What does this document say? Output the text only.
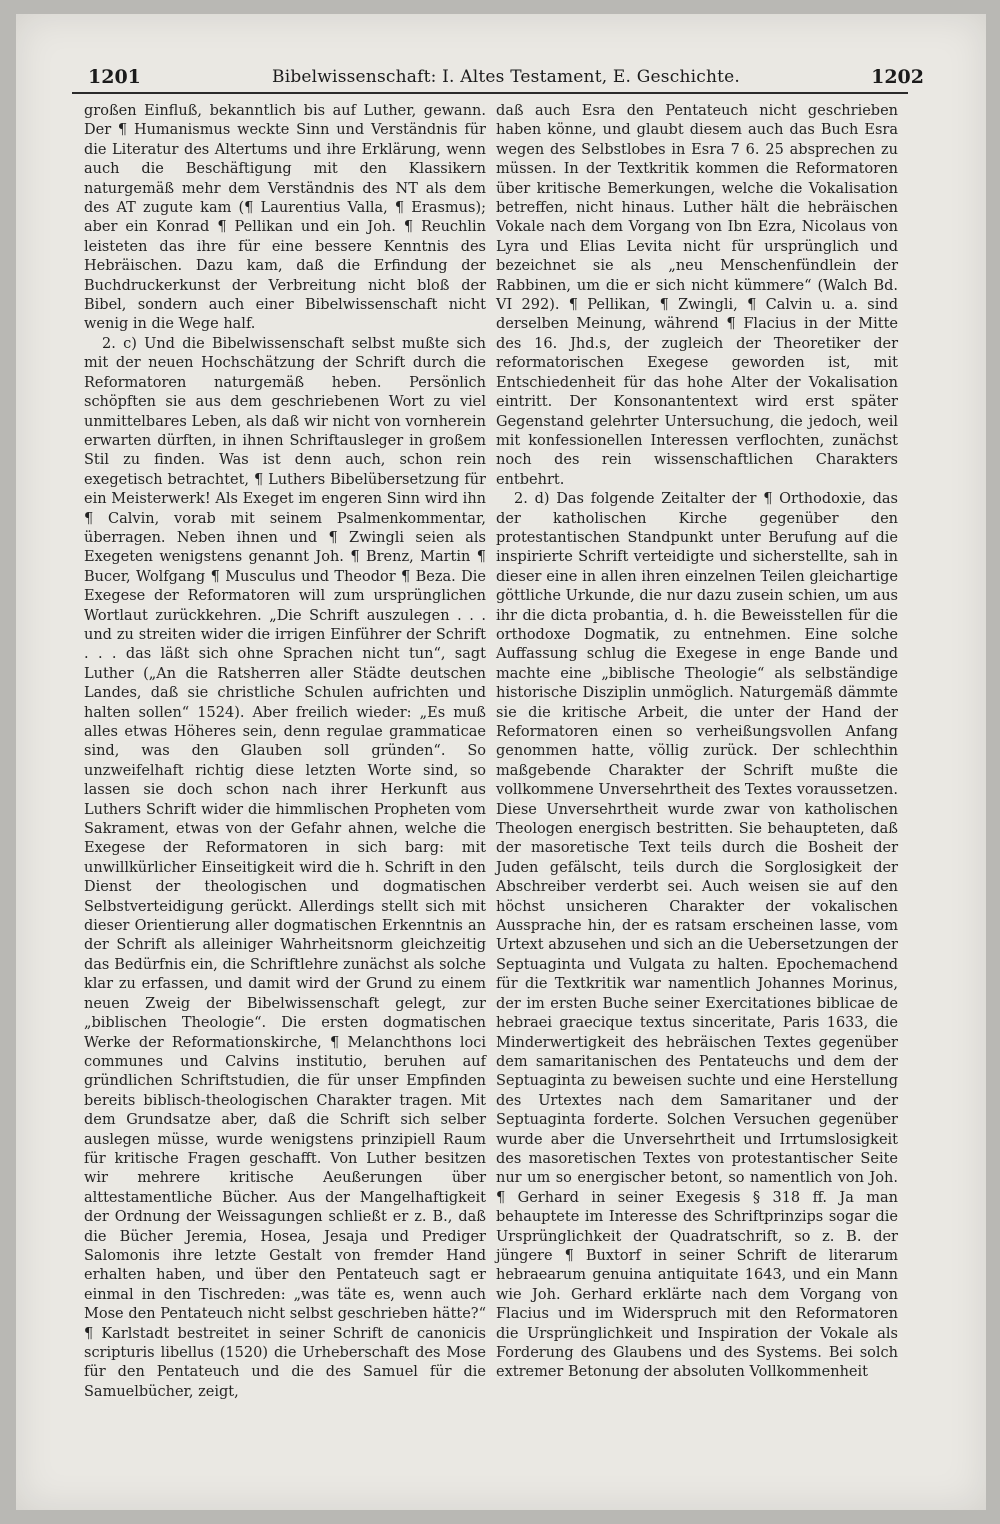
1201	Bibelwissenschaft: I. Altes Testament, E. Geschichte.	1202

großen Einfluß, bekanntlich bis auf Luther, gewann. Der ¶ Humanismus weckte Sinn und Verständnis für die Literatur des Altertums und ihre Erklärung, wenn auch die Beschäftigung mit den Klassikern naturgemäß mehr dem Verständnis des NT als dem des AT zugute kam (¶ Laurentius Valla, ¶ Erasmus); aber ein Konrad ¶ Pellikan und ein Joh. ¶ Reuchlin leisteten das ihre für eine bessere Kenntnis des Hebräischen. Dazu kam, daß die Erfindung der Buchdruckerkunst der Verbreitung nicht bloß der Bibel, sondern auch einer Bibelwissenschaft nicht wenig in die Wege half.

2. c) Und die Bibelwissenschaft selbst mußte sich mit der neuen Hochschätzung der Schrift durch die Reformatoren naturgemäß heben. Persönlich schöpften sie aus dem geschriebenen Wort zu viel unmittelbares Leben, als daß wir nicht von vornherein erwarten dürften, in ihnen Schriftausleger in großem Stil zu finden. Was ist denn auch, schon rein exegetisch betrachtet, ¶ Luthers Bibelübersetzung für ein Meisterwerk! Als Exeget im engeren Sinn wird ihn ¶ Calvin, vorab mit seinem Psalmenkommentar, überragen. Neben ihnen und ¶ Zwingli seien als Exegeten wenigstens genannt Joh. ¶ Brenz, Martin ¶ Bucer, Wolfgang ¶ Musculus und Theodor ¶ Beza. Die Exegese der Reformatoren will zum ursprünglichen Wortlaut zurückkehren. „Die Schrift auszulegen . . . und zu streiten wider die irrigen Einführer der Schrift . . . das läßt sich ohne Sprachen nicht tun“, sagt Luther („An die Ratsherren aller Städte deutschen Landes, daß sie christliche Schulen aufrichten und halten sollen“ 1524). Aber freilich wieder: „Es muß alles etwas Höheres sein, denn regulae grammaticae sind, was den Glauben soll gründen“. So unzweifelhaft richtig diese letzten Worte sind, so lassen sie doch schon nach ihrer Herkunft aus Luthers Schrift wider die himmlischen Propheten vom Sakrament, etwas von der Gefahr ahnen, welche die Exegese der Reformatoren in sich barg: mit unwillkürlicher Einseitigkeit wird die h. Schrift in den Dienst der theologischen und dogmatischen Selbstverteidigung gerückt. Allerdings stellt sich mit dieser Orientierung aller dogmatischen Erkenntnis an der Schrift als alleiniger Wahrheitsnorm gleichzeitig das Bedürfnis ein, die Schriftlehre zunächst als solche klar zu erfassen, und damit wird der Grund zu einem neuen Zweig der Bibelwissenschaft gelegt, zur „biblischen Theologie“. Die ersten dogmatischen Werke der Reformationskirche, ¶ Melanchthons loci communes und Calvins institutio, beruhen auf gründlichen Schriftstudien, die für unser Empfinden bereits biblisch-theologischen Charakter tragen. Mit dem Grundsatze aber, daß die Schrift sich selber auslegen müsse, wurde wenigstens prinzipiell Raum für kritische Fragen geschafft. Von Luther besitzen wir mehrere kritische Aeußerungen über alttestamentliche Bücher. Aus der Mangelhaftigkeit der Ordnung der Weissagungen schließt er z. B., daß die Bücher Jeremia, Hosea, Jesaja und Prediger Salomonis ihre letzte Gestalt von fremder Hand erhalten haben, und über den Pentateuch sagt er einmal in den Tischreden: „was täte es, wenn auch Mose den Pentateuch nicht selbst geschrieben hätte?“ ¶ Karlstadt bestreitet in seiner Schrift de canonicis scripturis libellus (1520) die Urheberschaft des Mose für den Pentateuch und die des Samuel für die Samuelbücher, zeigt,

daß auch Esra den Pentateuch nicht geschrieben haben könne, und glaubt diesem auch das Buch Esra wegen des Selbstlobes in Esra 7 6. 25 absprechen zu müssen. In der Textkritik kommen die Reformatoren über kritische Bemerkungen, welche die Vokalisation betreffen, nicht hinaus. Luther hält die hebräischen Vokale nach dem Vorgang von Ibn Ezra, Nicolaus von Lyra und Elias Levita nicht für ursprünglich und bezeichnet sie als „neu Menschenfündlein der Rabbinen, um die er sich nicht kümmere“ (Walch Bd. VI 292). ¶ Pellikan, ¶ Zwingli, ¶ Calvin u. a. sind derselben Meinung, während ¶ Flacius in der Mitte des 16. Jhd.s, der zugleich der Theoretiker der reformatorischen Exegese geworden ist, mit Entschiedenheit für das hohe Alter der Vokalisation eintritt. Der Konsonantentext wird erst später Gegenstand gelehrter Untersuchung, die jedoch, weil mit konfessionellen Interessen verflochten, zunächst noch des rein wissenschaftlichen Charakters entbehrt.

2. d) Das folgende Zeitalter der ¶ Orthodoxie, das der katholischen Kirche gegenüber den protestantischen Standpunkt unter Berufung auf die inspirierte Schrift verteidigte und sicherstellte, sah in dieser eine in allen ihren einzelnen Teilen gleichartige göttliche Urkunde, die nur dazu zusein schien, um aus ihr die dicta probantia, d. h. die Beweisstellen für die orthodoxe Dogmatik, zu entnehmen. Eine solche Auffassung schlug die Exegese in enge Bande und machte eine „biblische Theologie“ als selbständige historische Disziplin unmöglich. Naturgemäß dämmte sie die kritische Arbeit, die unter der Hand der Reformatoren einen so verheißungsvollen Anfang genommen hatte, völlig zurück. Der schlechthin maßgebende Charakter der Schrift mußte die vollkommene Unversehrtheit des Textes voraussetzen. Diese Unversehrtheit wurde zwar von katholischen Theologen energisch bestritten. Sie behaupteten, daß der masoretische Text teils durch die Bosheit der Juden gefälscht, teils durch die Sorglosigkeit der Abschreiber verderbt sei. Auch weisen sie auf den höchst unsicheren Charakter der vokalischen Aussprache hin, der es ratsam erscheinen lasse, vom Urtext abzusehen und sich an die Uebersetzungen der Septuaginta und Vulgata zu halten. Epochemachend für die Textkritik war namentlich Johannes Morinus, der im ersten Buche seiner Exercitationes biblicae de hebraei graecique textus sinceritate, Paris 1633, die Minderwertigkeit des hebräischen Textes gegenüber dem samaritanischen des Pentateuchs und dem der Septuaginta zu beweisen suchte und eine Herstellung des Urtextes nach dem Samaritaner und der Septuaginta forderte. Solchen Versuchen gegenüber wurde aber die Unversehrtheit und Irrtumslosigkeit des masoretischen Textes von protestantischer Seite nur um so energischer betont, so namentlich von Joh. ¶ Gerhard in seiner Exegesis § 318 ff. Ja man behauptete im Interesse des Schriftprinzips sogar die Ursprünglichkeit der Quadratschrift, so z. B. der jüngere ¶ Buxtorf in seiner Schrift de literarum hebraearum genuina antiquitate 1643, und ein Mann wie Joh. Gerhard erklärte nach dem Vorgang von Flacius und im Widerspruch mit den Reformatoren die Ursprünglichkeit und Inspiration der Vokale als Forderung des Glaubens und des Systems. Bei solch extremer Betonung der absoluten Vollkommenheit
